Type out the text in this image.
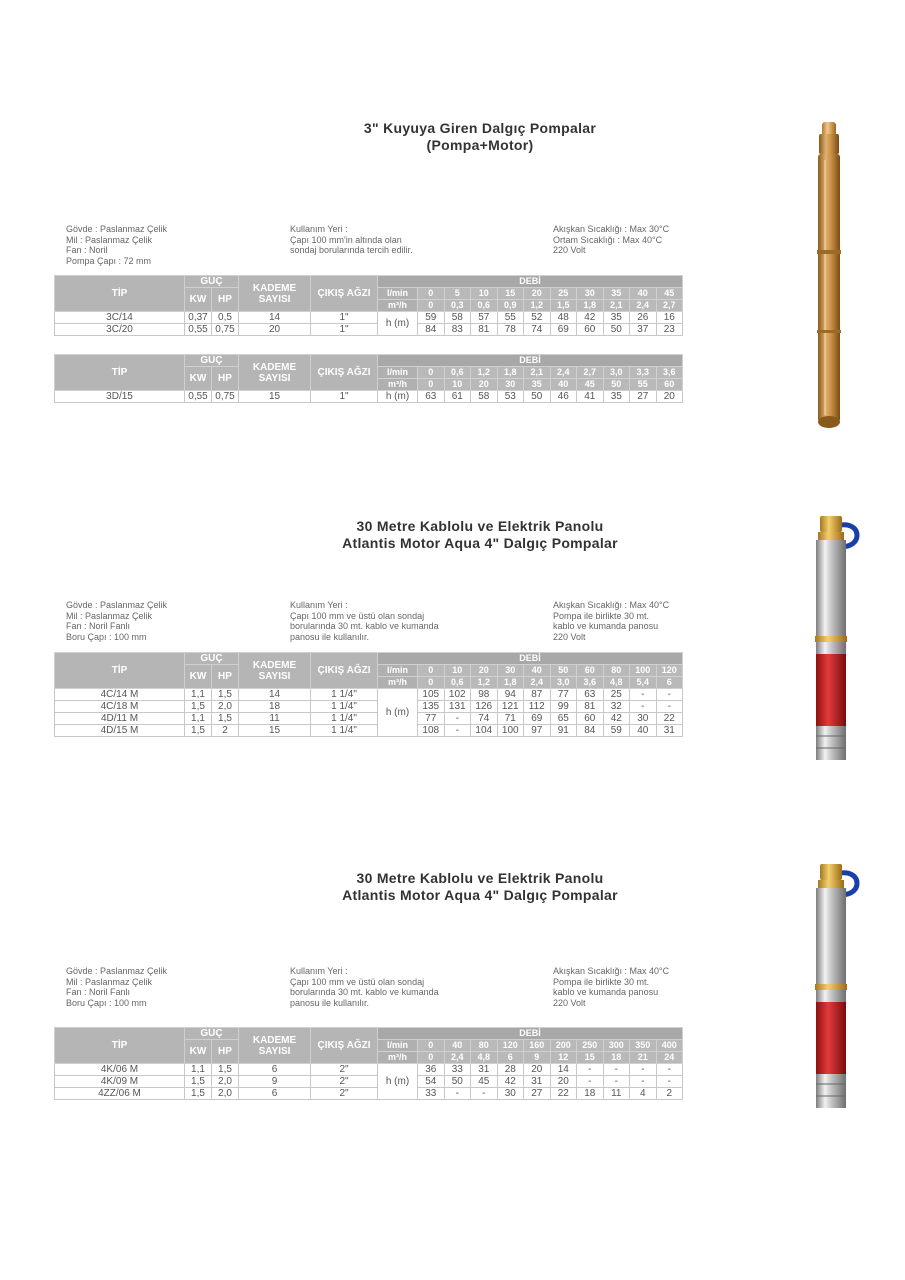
3" Kuyuya Giren Dalgıç Pompalar
(Pompa+Motor)
Gövde : Paslanmaz Çelik
Mil : Paslanmaz Çelik
Fan : Noril
Pompa Çapı : 72 mm
Kullanım Yeri :
Çapı 100 mm'in altında olan
sondaj borularında tercih edilir.
Akışkan Sıcaklığı : Max 30°C
Ortam Sıcaklığı : Max 40°C
220 Volt
TİP	GÜÇ		KADEME
SAYISI	ÇIKIŞ AĞZI	DEBİ										
	KW	HP			l/min	0	5	10	15	20	25	30	35	40	45
					m³/h	0	0,3	0,6	0,9	1,2	1,5	1,8	2,1	2,4	2,7
3C/14	0,37	0,5	14	1"	h (m)	59	58	57	55	52	48	42	35	26	16
3C/20	0,55	0,75	20	1"		84	83	81	78	74	69	60	50	37	23
TİP	GÜÇ		KADEME
SAYISI	ÇIKIŞ AĞZI	DEBİ										
	KW	HP			l/min	0	0,6	1,2	1,8	2,1	2,4	2,7	3,0	3,3	3,6
					m³/h	0	10	20	30	35	40	45	50	55	60
3D/15	0,55	0,75	15	1"	h (m)	63	61	58	53	50	46	41	35	27	20
30 Metre Kablolu ve Elektrik Panolu
Atlantis Motor Aqua 4" Dalgıç Pompalar
Gövde : Paslanmaz Çelik
Mil : Paslanmaz Çelik
Fan : Noril Fanlı
Boru Çapı : 100 mm
Kullanım Yeri :
Çapı 100 mm ve üstü olan sondaj
borularında 30 mt. kablo ve kumanda
panosu ile kullanılır.
Akışkan Sıcaklığı : Max 40°C
Pompa ile birlikte 30 mt.
kablo ve kumanda panosu
220 Volt
TİP	GÜÇ		KADEME
SAYISI	ÇIKIŞ AĞZI	DEBİ										
	KW	HP			l/min	0	10	20	30	40	50	60	80	100	120
					m³/h	0	0,6	1,2	1,8	2,4	3,0	3,6	4,8	5,4	6
4C/14 M	1,1	1,5	14	1 1/4"	h (m)	105	102	98	94	87	77	63	25	-	-
4C/18 M	1,5	2,0	18	1 1/4"		135	131	126	121	112	99	81	32	-	-
4D/11 M	1,1	1,5	11	1 1/4"		77	-	74	71	69	65	60	42	30	22
4D/15 M	1,5	2	15	1 1/4"		108	-	104	100	97	91	84	59	40	31
30 Metre Kablolu ve Elektrik Panolu
Atlantis Motor Aqua 4" Dalgıç Pompalar
Gövde : Paslanmaz Çelik
Mil : Paslanmaz Çelik
Fan : Noril Fanlı
Boru Çapı : 100 mm
Kullanım Yeri :
Çapı 100 mm ve üstü olan sondaj
borularında 30 mt. kablo ve kumanda
panosu ile kullanılır.
Akışkan Sıcaklığı : Max 40°C
Pompa ile birlikte 30 mt.
kablo ve kumanda panosu
220 Volt
TİP	GÜÇ		KADEME
SAYISI	ÇIKIŞ AĞZI	DEBİ										
	KW	HP			l/min	0	40	80	120	160	200	250	300	350	400
					m³/h	0	2,4	4,8	6	9	12	15	18	21	24
4K/06 M	1,1	1,5	6	2"	h (m)	36	33	31	28	20	14	-	-	-	-
4K/09 M	1,5	2,0	9	2"		54	50	45	42	31	20	-	-	-	-
4ZZ/06 M	1,5	2,0	6	2"		33	-	-	30	27	22	18	11	4	2
